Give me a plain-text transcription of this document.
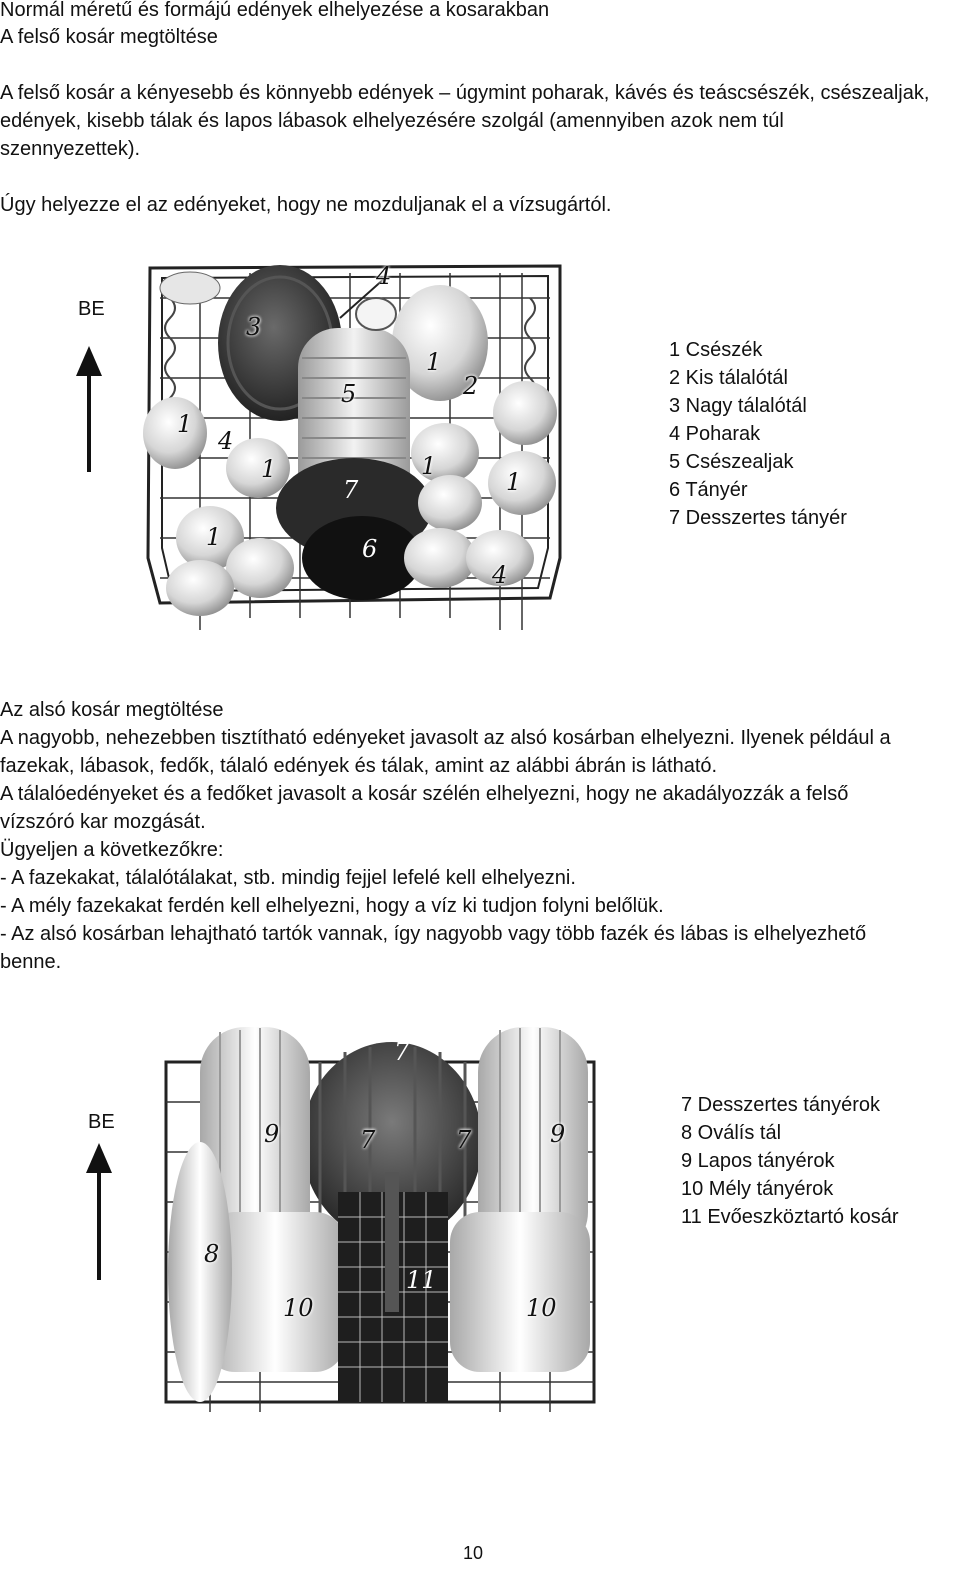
Normál méretű és formájú edények elhelyezése a kosarakban
A felső kosár megtöltése
A felső kosár a kényesebb és könnyebb edények – úgymint poharak, kávés és teáscsészék, csészealjak,
edények, kisebb tálak és lapos lábasok elhelyezésére szolgál (amennyiben azok nem túl
szennyezettek).
Úgy helyezze el az edényeket, hogy ne mozduljanak el a vízsugártól.
BE
4
3
1
2
5
1
4
1	1
1
7
1	6
4
1 Csészék
2 Kis tálalótál
3 Nagy tálalótál
4 Poharak
5 Csészealjak
6 Tányér
7 Desszertes tányér
Az alsó kosár megtöltése
A nagyobb, nehezebben tisztítható edényeket javasolt az alsó kosárban elhelyezni. Ilyenek például a
fazekak, lábasok, fedők, tálaló edények és tálak, amint az alábbi ábrán is látható.
A tálalóedényeket és a fedőket javasolt a kosár szélén elhelyezni, hogy ne akadályozzák a felső
vízszóró kar mozgását.
Ügyeljen a következőkre:
- A fazekakat, tálalótálakat, stb. mindig fejjel lefelé kell elhelyezni.
- A mély fazekakat ferdén kell elhelyezni, hogy a víz ki tudjon folyni belőlük.
- Az alsó kosárban lehajtható tartók vannak, így nagyobb vagy több fazék és lábas is elhelyezhető
benne.
BE
7
9	7	7	9
8
11
10	10
7 Desszertes tányérok
8 Oválís tál
9 Lapos tányérok
10 Mély tányérok
11 Evőeszköztartó kosár
10
